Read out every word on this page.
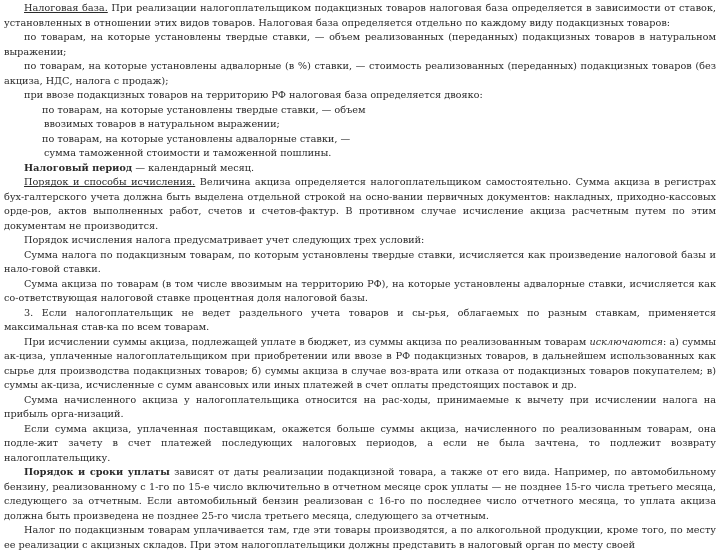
Налоговая база. При реализации налогоплательщиком подакцизных товаров налоговая база определяется в зависимости от ставок, установленных в отношении этих видов товаров. Налоговая база определяется отдельно по каждому виду подакцизных товаров:

по товарам, на которые установлены твердые ставки, — объем реализованных (переданных) подакцизных товаров в натуральном выражении;

по товарам, на которые установлены адвалорные (в %) ставки, — стоимость реализованных (переданных) подакцизных товаров (без акциза, НДС, налога с продаж);

при ввозе подакцизных товаров на территорию РФ налоговая база определяется двояко:

по товарам, на которые установлены твердые ставки, — объем

ввозимых товаров в натуральном выражении;

по товарам, на которые установлены адвалорные ставки, —

сумма таможенной стоимости и таможенной пошлины.

Налоговый период — календарный месяц.

Порядок и способы исчисления. Величина акциза определяется налогоплательщиком самостоятельно. Сумма акциза в регистрах бух-галтерского учета должна быть выделена отдельной строкой на осно-вании первичных документов: накладных, приходно-кассовых орде-ров, актов выполненных работ, счетов и счетов-фактур. В противном случае исчисление акциза расчетным путем по этим документам не производится.

Порядок исчисления налога предусматривает учет следующих трех условий:

Сумма налога по подакцизным товарам, по которым установлены твердые ставки, исчисляется как произведение налоговой базы и нало-говой ставки.

Сумма акциза по товарам (в том числе ввозимым на территорию РФ), на которые установлены адвалорные ставки, исчисляется как со-ответствующая налоговой ставке процентная доля налоговой базы.

3. Если налогоплательщик не ведет раздельного учета товаров и сы-рья, облагаемых по разным ставкам, применяется максимальная став-ка по всем товарам.

При исчислении суммы акциза, подлежащей уплате в бюджет, из суммы акциза по реализованным товарам исключаются: а) суммы ак-циза, уплаченные налогоплательщиком при приобретении или ввозе в РФ подакцизных товаров, в дальнейшем использованных как сырье для производства подакцизных товаров; б) суммы акциза в случае воз-врата или отказа от подакцизных товаров покупателем; в) суммы ак-циза, исчисленные с сумм авансовых или иных платежей в счет оплаты предстоящих поставок и др.

Сумма начисленного акциза у налогоплательщика относится на рас-ходы, принимаемые к вычету при исчислении налога на прибыль орга-низаций.

Если сумма акциза, уплаченная поставщикам, окажется больше суммы акциза, начисленного по реализованным товарам, она подле-жит зачету в счет платежей последующих налоговых периодов, а если не была зачтена, то подлежит возврату налогоплательщику.

Порядок и сроки уплаты зависят от даты реализации подакцизной товара, а также от его вида. Например, по автомобильному бензину, реализованному с 1-го по 15-е число включительно в отчетном месяце срок уплаты — не позднее 15-го числа третьего месяца, следующего за отчетным. Если автомобильный бензин реализован с 16-го по последнее число отчетного месяца, то уплата акциза должна быть произведена не позднее 25-го числа третьего месяца, следующего за отчетным.

Налог по подакцизным товарам уплачивается там, где эти товары производятся, а по алкогольной продукции, кроме того, по месту ее реализации с акцизных складов. При этом налогоплательщики должны представить в налоговый орган по месту своей
